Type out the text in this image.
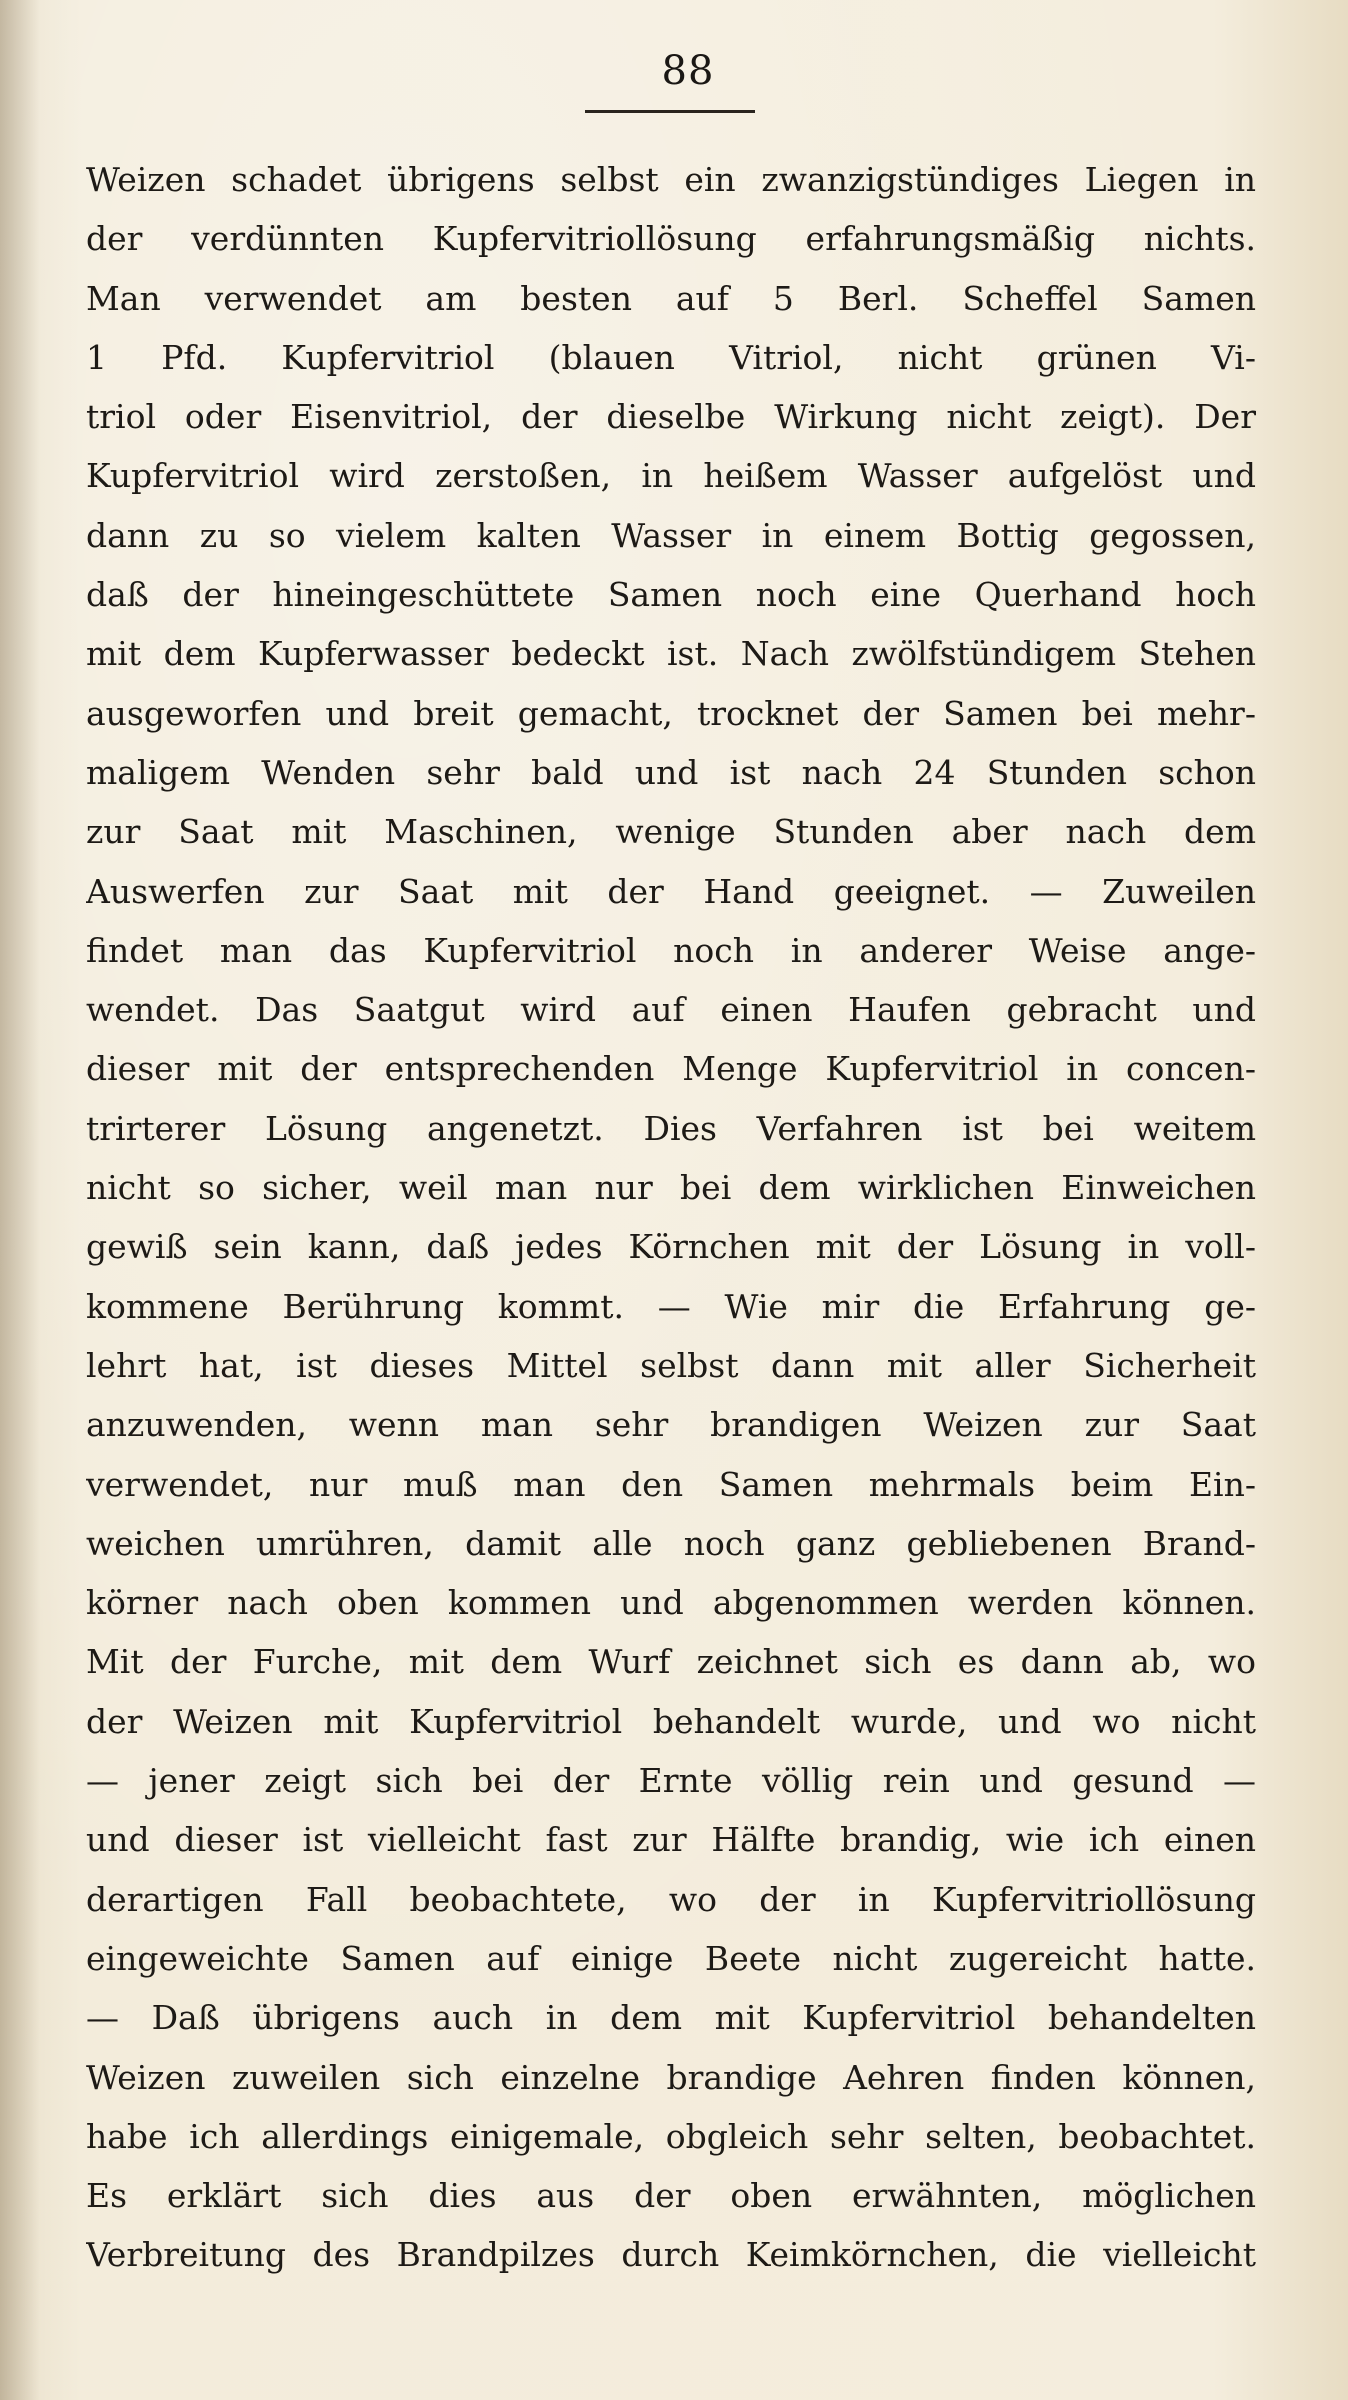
88
Weizen schadet übrigens selbst ein zwanzigstündiges Liegen in
der verdünnten Kupfervitriollösung erfahrungsmäßig nichts.
Man verwendet am besten auf 5 Berl. Scheffel Samen
1 Pfd. Kupfervitriol (blauen Vitriol, nicht grünen Vi-
triol oder Eisenvitriol, der dieselbe Wirkung nicht zeigt). Der
Kupfervitriol wird zerstoßen, in heißem Wasser aufgelöst und
dann zu so vielem kalten Wasser in einem Bottig gegossen,
daß der hineingeschüttete Samen noch eine Querhand hoch
mit dem Kupferwasser bedeckt ist. Nach zwölfstündigem Stehen
ausgeworfen und breit gemacht, trocknet der Samen bei mehr-
maligem Wenden sehr bald und ist nach 24 Stunden schon
zur Saat mit Maschinen, wenige Stunden aber nach dem
Auswerfen zur Saat mit der Hand geeignet. — Zuweilen
findet man das Kupfervitriol noch in anderer Weise ange-
wendet. Das Saatgut wird auf einen Haufen gebracht und
dieser mit der entsprechenden Menge Kupfervitriol in concen-
trirterer Lösung angenetzt. Dies Verfahren ist bei weitem
nicht so sicher, weil man nur bei dem wirklichen Einweichen
gewiß sein kann, daß jedes Körnchen mit der Lösung in voll-
kommene Berührung kommt. — Wie mir die Erfahrung ge-
lehrt hat, ist dieses Mittel selbst dann mit aller Sicherheit
anzuwenden, wenn man sehr brandigen Weizen zur Saat
verwendet, nur muß man den Samen mehrmals beim Ein-
weichen umrühren, damit alle noch ganz gebliebenen Brand-
körner nach oben kommen und abgenommen werden können.
Mit der Furche, mit dem Wurf zeichnet sich es dann ab, wo
der Weizen mit Kupfervitriol behandelt wurde, und wo nicht
— jener zeigt sich bei der Ernte völlig rein und gesund —
und dieser ist vielleicht fast zur Hälfte brandig, wie ich einen
derartigen Fall beobachtete, wo der in Kupfervitriollösung
eingeweichte Samen auf einige Beete nicht zugereicht hatte.
— Daß übrigens auch in dem mit Kupfervitriol behandelten
Weizen zuweilen sich einzelne brandige Aehren finden können,
habe ich allerdings einigemale, obgleich sehr selten, beobachtet.
Es erklärt sich dies aus der oben erwähnten, möglichen
Verbreitung des Brandpilzes durch Keimkörnchen, die vielleicht
